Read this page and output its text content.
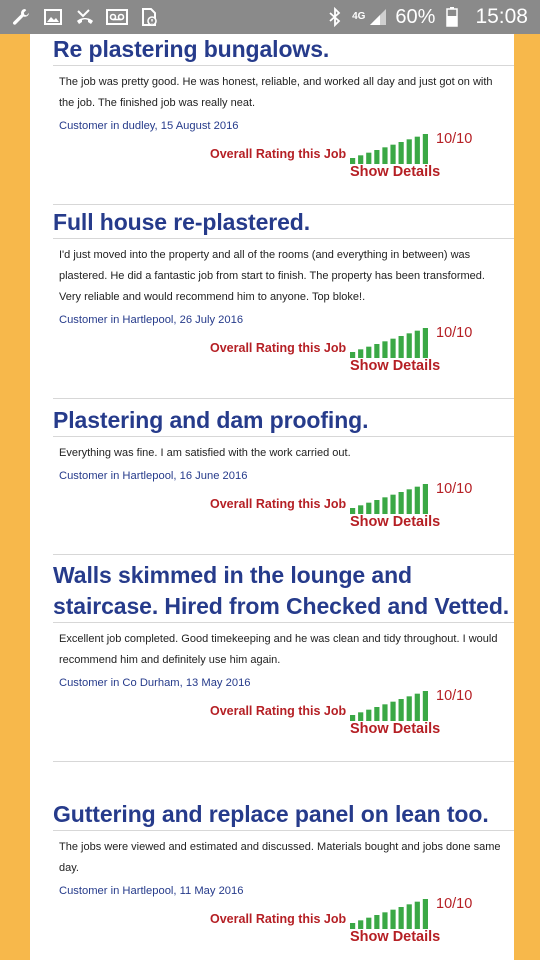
4G 60% 15:08
Re plastering bungalows.
The job was pretty good. He was honest, reliable, and worked all day and just got on with the job. The finished job was really neat.
Customer in dudley, 15 August 2016
Overall Rating this Job
10/10
Show Details
Full house re-plastered.
I'd just moved into the property and all of the rooms (and everything in between) was plastered. He did a fantastic job from start to finish. The property has been transformed. Very reliable and would recommend him to anyone. Top bloke!.
Customer in Hartlepool, 26 July 2016
Overall Rating this Job
10/10
Show Details
Plastering and dam proofing.
Everything was fine. I am satisfied with the work carried out.
Customer in Hartlepool, 16 June 2016
Overall Rating this Job
10/10
Show Details
Walls skimmed in the lounge and staircase. Hired from Checked and Vetted.
Excellent job completed. Good timekeeping and he was clean and tidy throughout. I would recommend him and definitely use him again.
Customer in Co Durham, 13 May 2016
Overall Rating this Job
10/10
Show Details
Guttering and replace panel on lean too.
The jobs were viewed and estimated and discussed. Materials bought and jobs done same day.
Customer in Hartlepool, 11 May 2016
Overall Rating this Job
10/10
Show Details
